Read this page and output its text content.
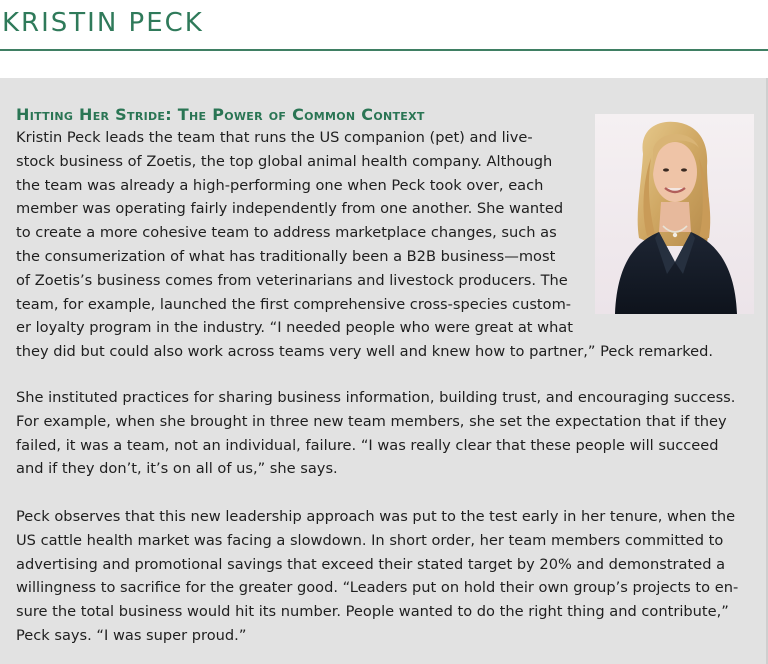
KRISTIN PECK
Hitting Her Stride: The Power of Common Context

Kristin Peck leads the team that runs the US companion (pet) and live-
stock business of Zoetis, the top global animal health company. Although
the team was already a high-performing one when Peck took over, each
member was operating fairly independently from one another. She wanted
to create a more cohesive team to address marketplace changes, such as
the consumerization of what has traditionally been a B2B business—most
of Zoetis’s business comes from veterinarians and livestock producers. The
team, for example, launched the first comprehensive cross-species custom-
er loyalty program in the industry. “I needed people who were great at what
they did but could also work across teams very well and knew how to partner,” Peck remarked.

She instituted practices for sharing business information, building trust, and encouraging success.
For example, when she brought in three new team members, she set the expectation that if they
failed, it was a team, not an individual, failure. “I was really clear that these people will succeed
and if they don’t, it’s on all of us,” she says.

Peck observes that this new leadership approach was put to the test early in her tenure, when the
US cattle health market was facing a slowdown. In short order, her team members committed to
advertising and promotional savings that exceed their stated target by 20% and demonstrated a
willingness to sacrifice for the greater good. “Leaders put on hold their own group’s projects to en-
sure the total business would hit its number. People wanted to do the right thing and contribute,”
Peck says. “I was super proud.”
